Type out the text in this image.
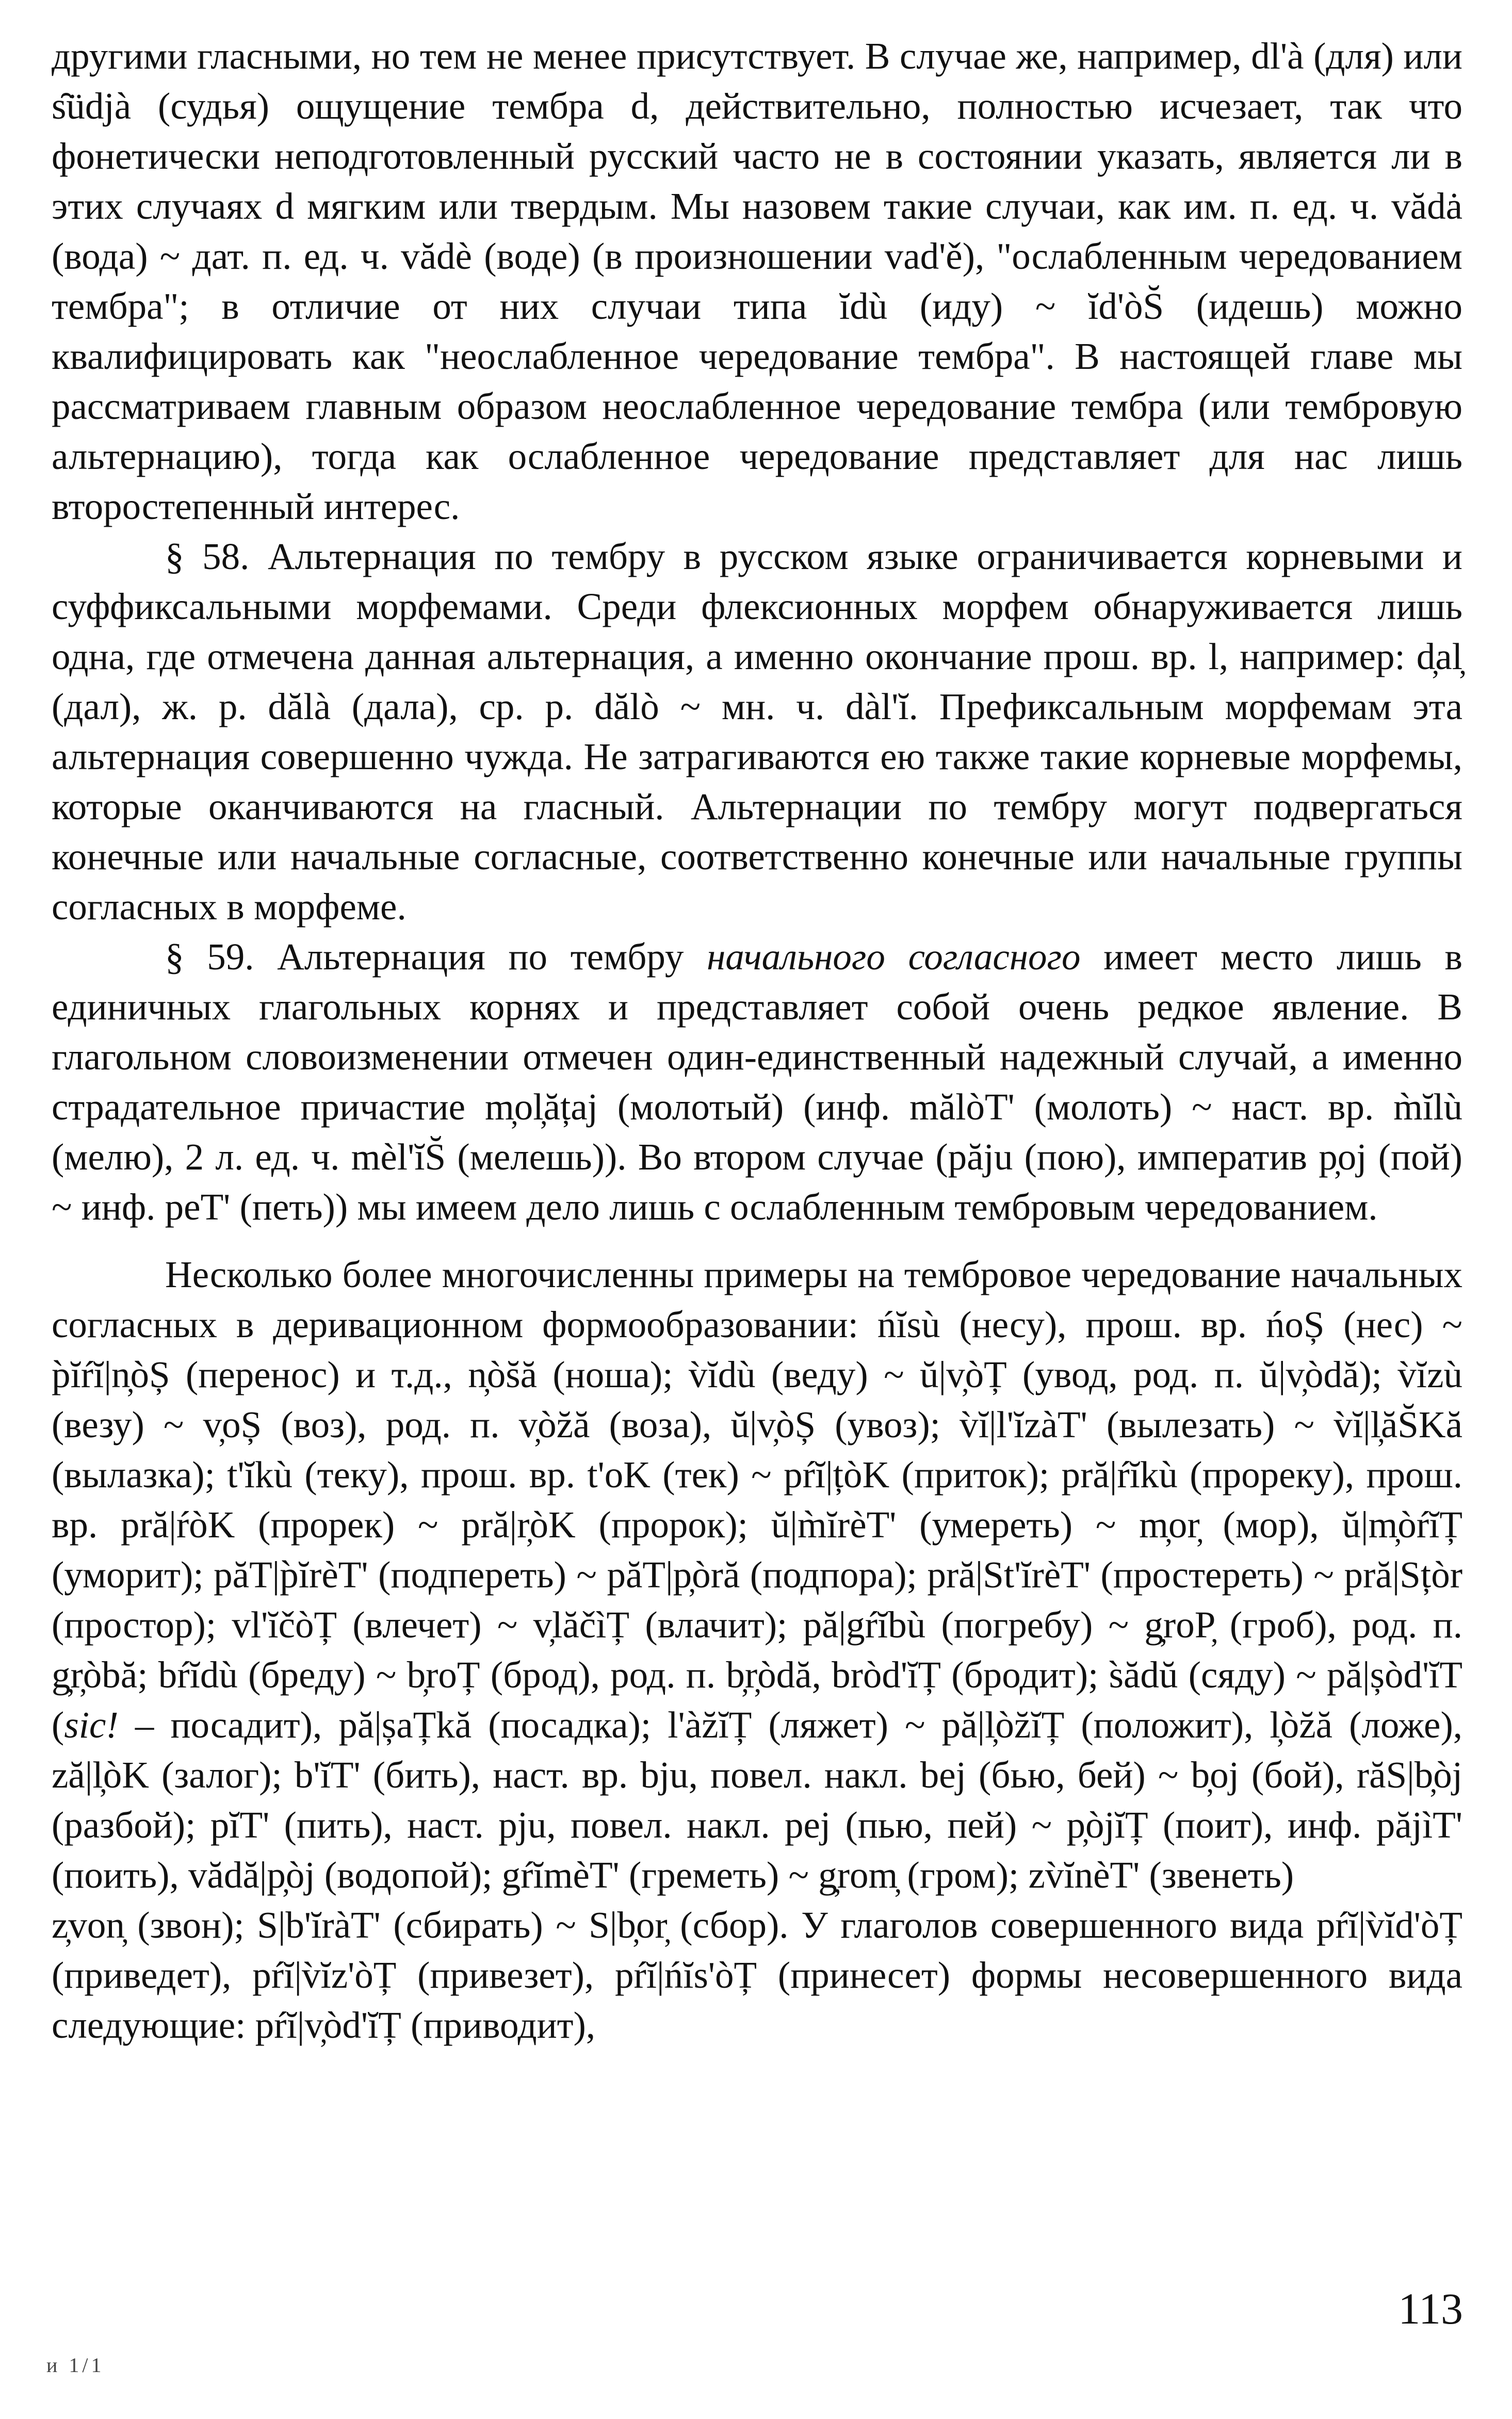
другими гласными, но тем не менее присутствует. В случае же, например, dl'à (для) или s̑üdjà (судья) ощущение тембра d, действительно, полностью исчезает, так что фонетически неподготовленный русский часто не в состоянии указать, является ли в этих случаях d мягким или твердым. Мы назовем такие случаи, как им. п. ед. ч. vădȧ (вода) ~ дат. п. ед. ч. vădè (воде) (в произношении vad'ě), "ослабленным чередованием тембра"; в отличие от них случаи типа ĭdù (иду) ~ ĭd'òS̆ (идешь) можно квалифицировать как "неослабленное чередование тембра". В настоящей главе мы рассматриваем главным образом неослабленное чередование тембра (или тембровую альтернацию), тогда как ослабленное чередование представляет для нас лишь второстепенный интерес.

§ 58. Альтернация по тембру в русском языке ограничивается корневыми и суффиксальными морфемами. Среди флексионных морфем обнаруживается лишь одна, где отмечена данная альтернация, а именно окончание прош. вр. l, например: d̦al̦ (дал), ж. р. dălà (дала), ср. р. dălò ~ мн. ч. dàl'ĭ. Префиксальным морфемам эта альтернация совершенно чужда. Не затрагиваются ею также такие корневые морфемы, которые оканчиваются на гласный. Альтернации по тембру могут подвергаться конечные или начальные согласные, соответственно конечные или начальные группы согласных в морфеме.

§ 59. Альтернация по тембру начального согласного имеет место лишь в единичных глагольных корнях и представляет собой очень редкое явление. В глагольном словоизменении отмечен один-единственный надежный случай, а именно страдательное причастие m̦ol̦ățaj (молотый) (инф. mălòT' (молоть) ~ наст. вр. m̀ĭlù (мелю), 2 л. ед. ч. mèl'ĭS̆ (мелешь)). Во втором случае (păju (пою), императив p̦oj (пой) ~ инф. peT' (петь)) мы имеем дело лишь с ослабленным тембровым чередованием.

Несколько более многочисленны примеры на тембровое чередование начальных согласных в деривационном формообразовании: ńĭsù (несу), прош. вр. ńoȘ (нес) ~ p̀ĭŕĭ|n̦òȘ (перенос) и т.д., n̦òs̆ă (ноша); v̀ĭdù (веду) ~ ŭ|v̦òȚ (увод, род. п. ŭ|v̦òdă); v̀ĭzù (везу) ~ v̦oȘ (воз), род. п. v̦òz̆ă (воза), ŭ|v̦òȘ (увоз); v̀ĭ|l'ĭzàT' (вылезать) ~ v̀ĭ|l̦ăS̆Kă (вылазка); t'ĭkù (теку), прош. вр. t'oK (тек) ~ pŕĭ|țòK (приток); pră|ŕĭkù (прореку), прош. вр. pră|ŕòK (прорек) ~ pră|r̦òK (пророк); ŭ|m̀ĭrèT' (умереть) ~ m̦or̦ (мор), ŭ|m̦òŕĭȚ (уморит); păT|p̀ĭrèT' (подпереть) ~ păT|p̦òră (подпора); pră|St'ĭrèT' (простереть) ~ pră|Sțòr (простор); vl'ĭčòȚ (влечет) ~ v̦lăčìȚ (влачит); pă|gŕĭbù (погребу) ~ g̦roP̦ (гроб), род. п. g̦r̦òbă; bŕĭdù (бреду) ~ b̦roȚ (брод), род. п. b̦r̦òdă, bròd'ĭȚ (бродит); s̀ădŭ (сяду) ~ pă|șòd'ĭT (sic! – посадит), pă|șaȚkă (посадка); l'àz̆ĭȚ (ляжет) ~ pă|l̦òz̆ĭȚ (положит), l̦òz̆ă (ложе), ză|l̦òK (залог); b'ĭT' (бить), наст. вр. bju, повел. накл. bej (бью, бей) ~ b̦oj (бой), răS|b̦òj (разбой); pĭT' (пить), наст. pju, повел. накл. pej (пью, пей) ~ p̦òjĭȚ (поит), инф. păjìT' (поить), vădă|p̦òj (водопой); gŕĭmèT' (греметь) ~ g̦rom̦ (гром); zv̀ĭnèT' (звенеть)

z̦von̦ (звон); S|b'ĭràT' (сбирать) ~ S|b̦or̦ (сбор). У глаголов совершенного вида pŕĭ|v̀ĭd'òȚ (приведет), pŕĭ|v̀ĭz'òȚ (привезет), pŕĭ|ńĭs'òȚ (принесет) формы несовершенного вида следующие: pŕĭ|v̦òd'ĭȚ (приводит),

113
и 1/1
